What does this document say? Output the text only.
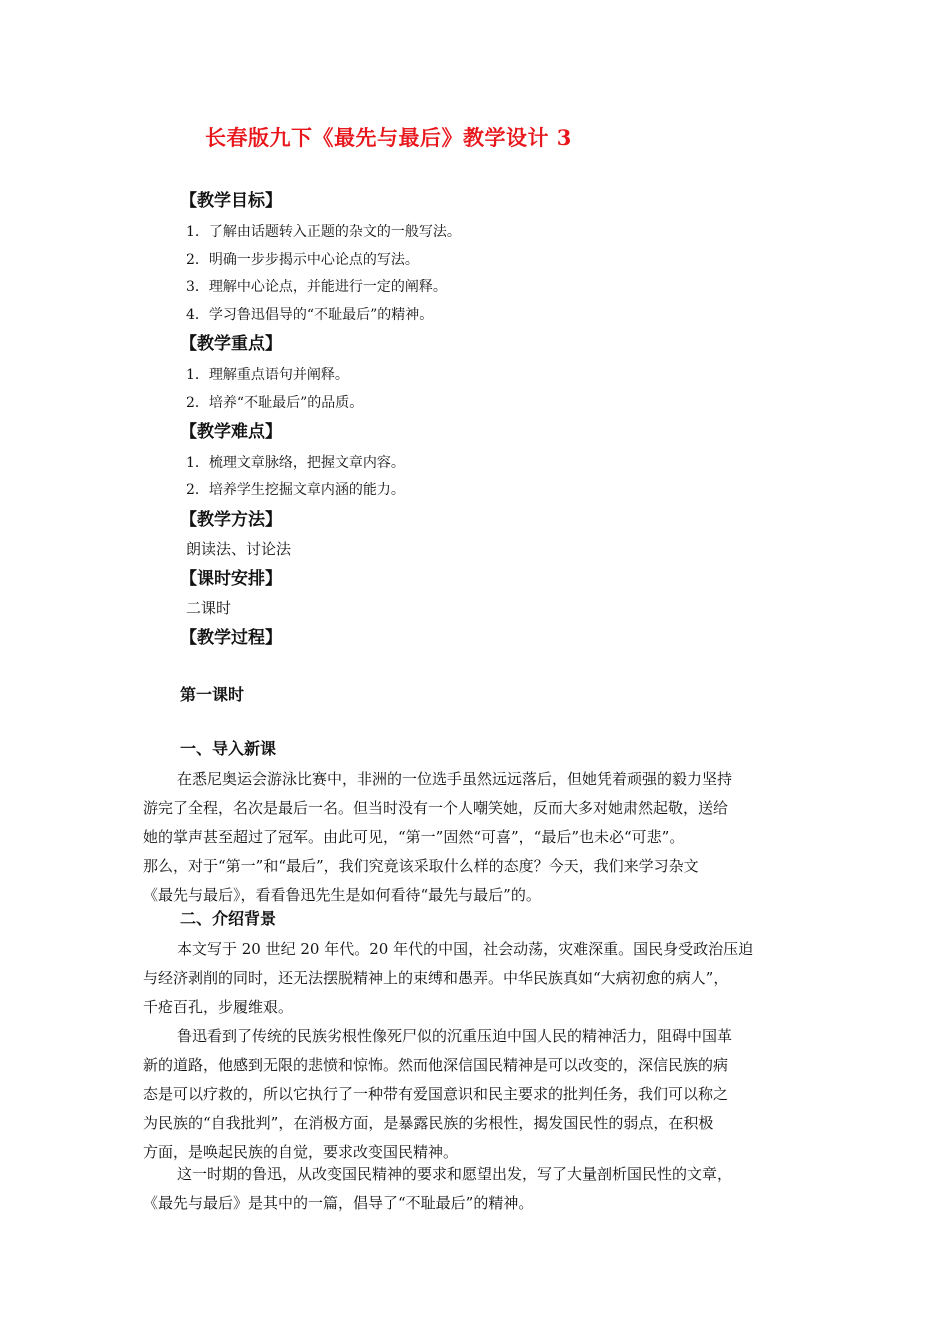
长春版九下《最先与最后》教学设计 3
【教学目标】
1．了解由话题转入正题的杂文的一般写法。
2．明确一步步揭示中心论点的写法。
3．理解中心论点，并能进行一定的阐释。
4．学习鲁迅倡导的“不耻最后”的精神。
【教学重点】
1．理解重点语句并阐释。
2．培养“不耻最后”的品质。
【教学难点】
1．梳理文章脉络，把握文章内容。
2．培养学生挖掘文章内涵的能力。
【教学方法】
朗读法、讨论法
【课时安排】
二课时
【教学过程】
第一课时
一、导入新课
在悉尼奥运会游泳比赛中，非洲的一位选手虽然远远落后，但她凭着顽强的毅力坚持
游完了全程，名次是最后一名。但当时没有一个人嘲笑她，反而大多对她肃然起敬，送给
她的掌声甚至超过了冠军。由此可见，“第一”固然“可喜”，“最后”也未必“可悲”。
那么，对于“第一”和“最后”，我们究竟该采取什么样的态度？今天，我们来学习杂文
《最先与最后》，看看鲁迅先生是如何看待“最先与最后”的。
二、介绍背景
本文写于 20 世纪 20 年代。20 年代的中国，社会动荡，灾难深重。国民身受政治压迫
与经济剥削的同时，还无法摆脱精神上的束缚和愚弄。中华民族真如“大病初愈的病人”，
千疮百孔，步履维艰。
鲁迅看到了传统的民族劣根性像死尸似的沉重压迫中国人民的精神活力，阻碍中国革
新的道路，他感到无限的悲愤和惊怖。然而他深信国民精神是可以改变的，深信民族的病
态是可以疗救的，所以它执行了一种带有爱国意识和民主要求的批判任务，我们可以称之
为民族的“自我批判”，在消极方面，是暴露民族的劣根性，揭发国民性的弱点，在积极
方面，是唤起民族的自觉，要求改变国民精神。
这一时期的鲁迅，从改变国民精神的要求和愿望出发，写了大量剖析国民性的文章，
《最先与最后》是其中的一篇，倡导了“不耻最后”的精神。
